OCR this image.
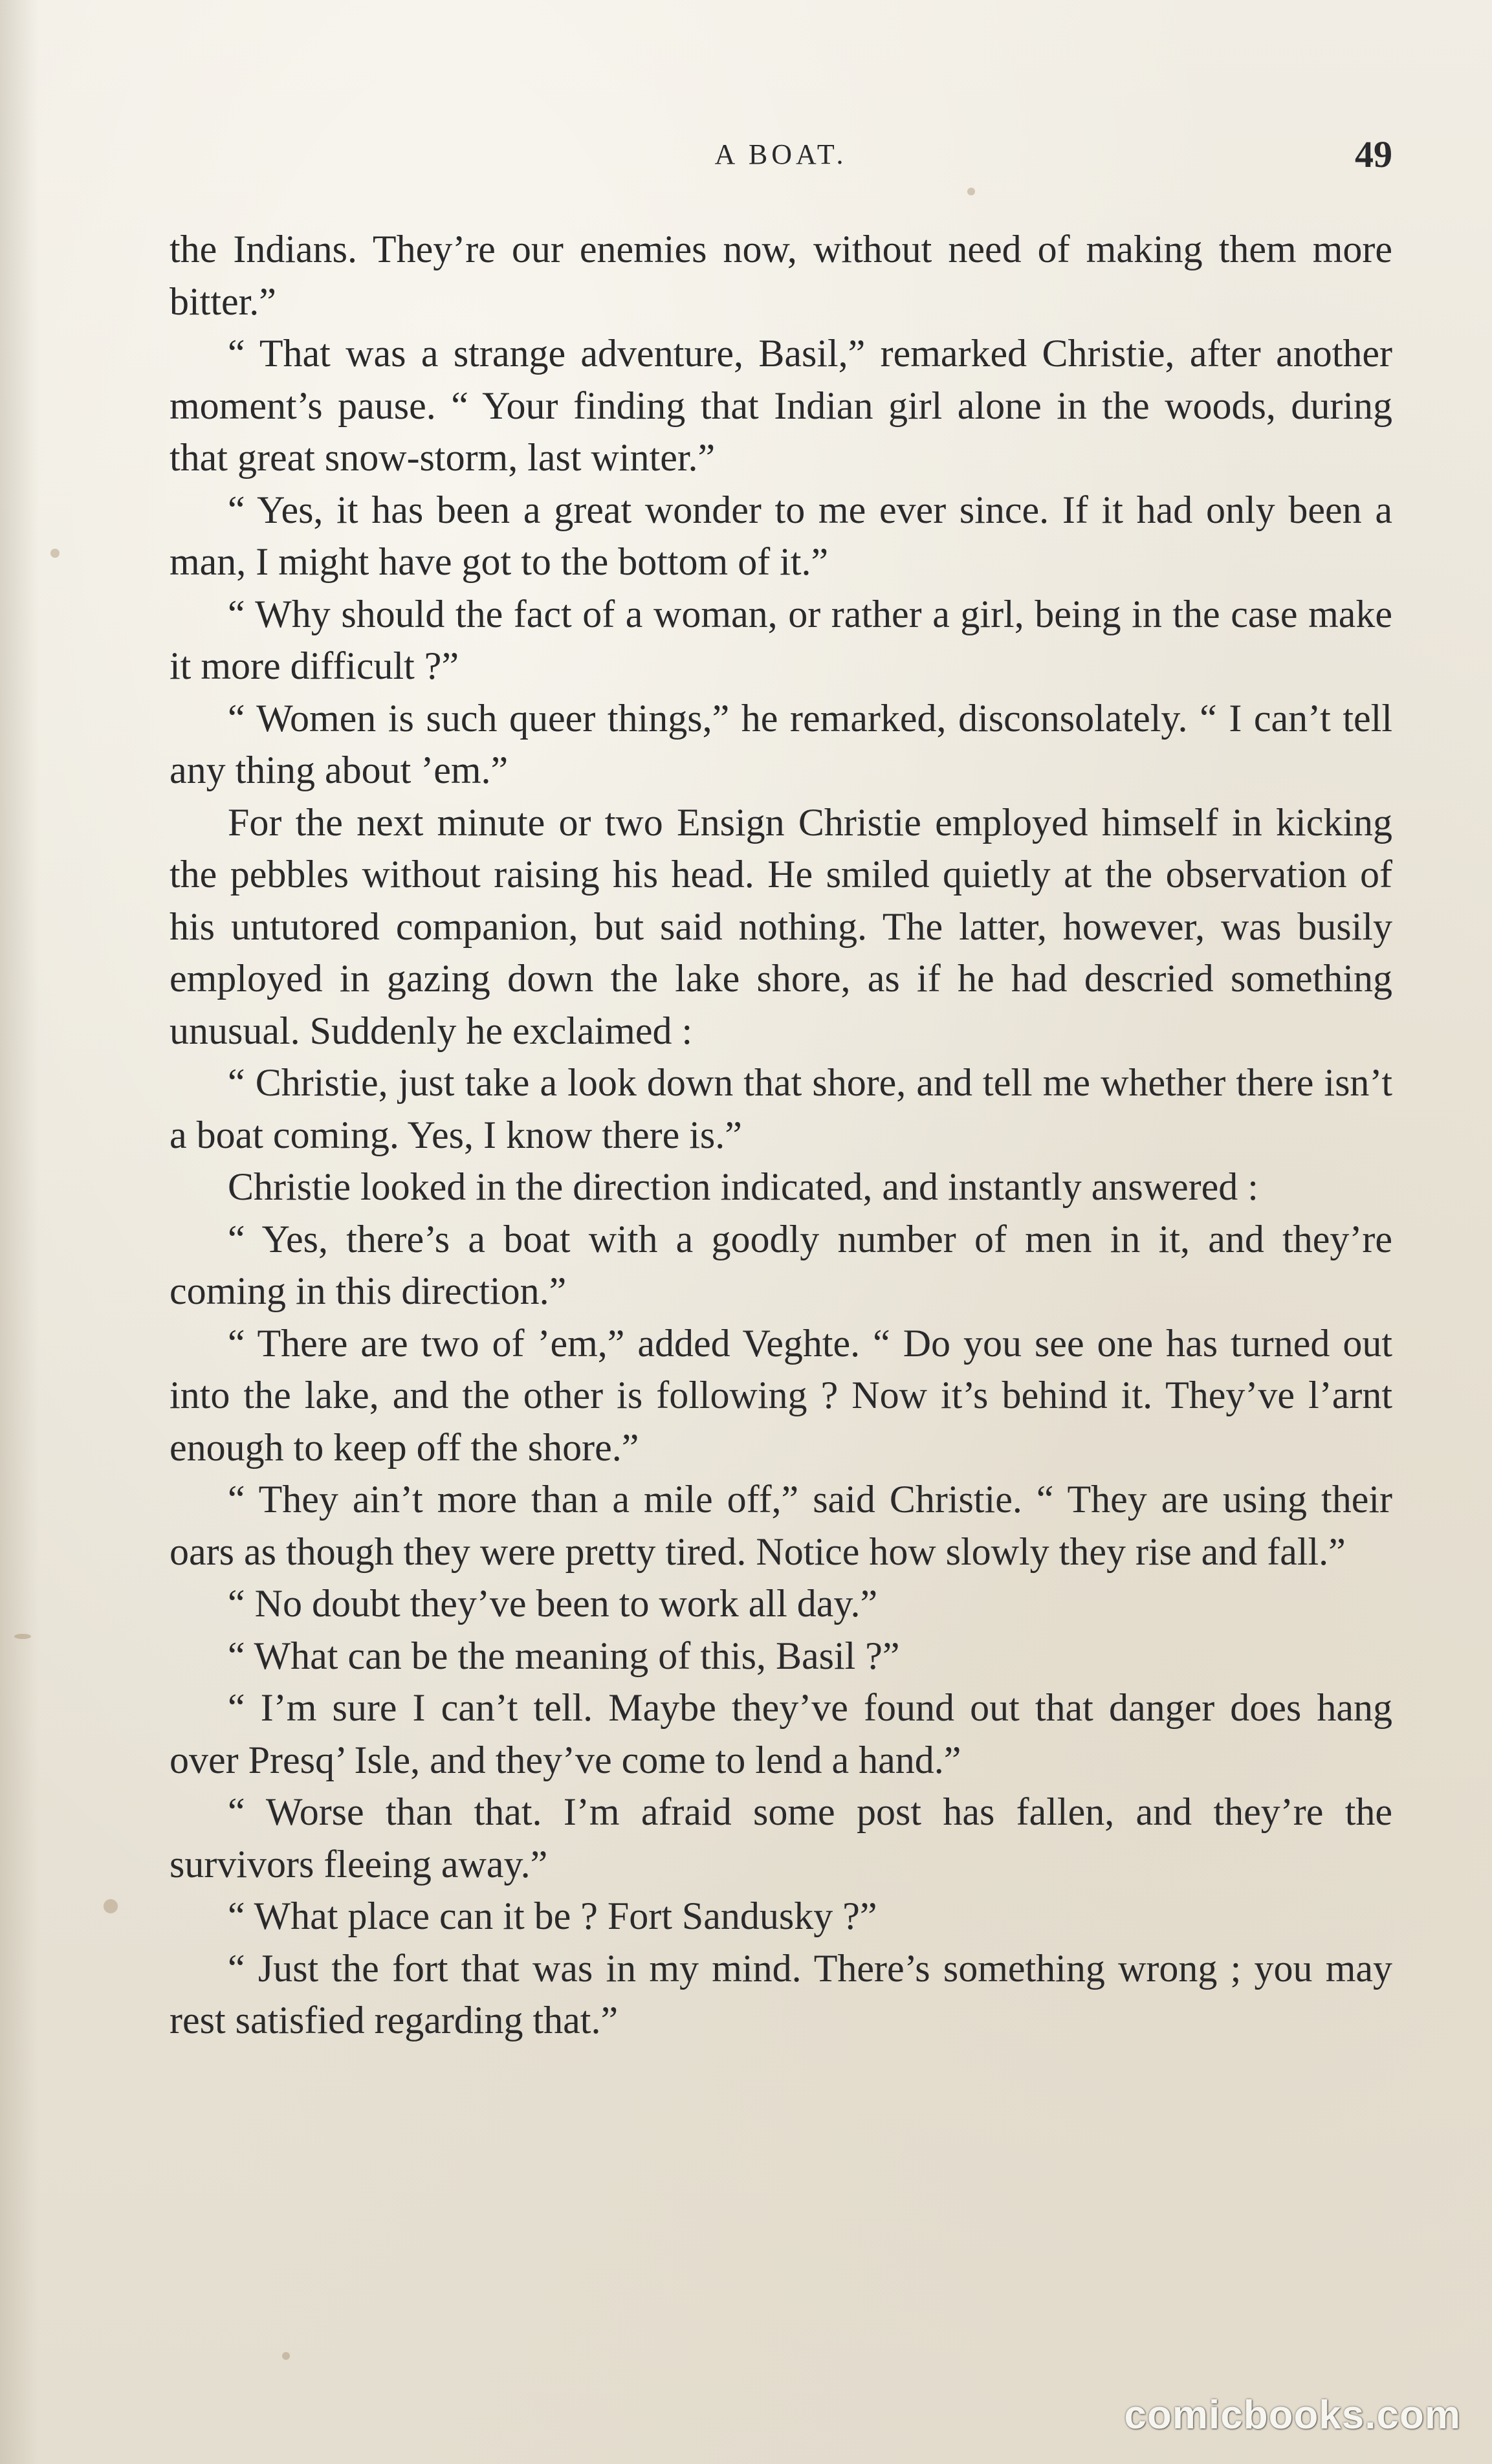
A BOAT.	49

the Indians. They’re our enemies now, without need of making them more bitter.”

“ That was a strange adventure, Basil,” remarked Christie, after another moment’s pause. “ Your finding that Indian girl alone in the woods, during that great snow-storm, last winter.”

“ Yes, it has been a great wonder to me ever since. If it had only been a man, I might have got to the bottom of it.”

“ Why should the fact of a woman, or rather a girl, being in the case make it more difficult ?”

“ Women is such queer things,” he remarked, disconsolately. “ I can’t tell any thing about ’em.”

For the next minute or two Ensign Christie employed himself in kicking the pebbles without raising his head. He smiled quietly at the observation of his untutored companion, but said nothing. The latter, however, was busily employed in gazing down the lake shore, as if he had descried something unusual. Suddenly he exclaimed :

“ Christie, just take a look down that shore, and tell me whether there isn’t a boat coming. Yes, I know there is.”

Christie looked in the direction indicated, and instantly answered :

“ Yes, there’s a boat with a goodly number of men in it, and they’re coming in this direction.”

“ There are two of ’em,” added Veghte. “ Do you see one has turned out into the lake, and the other is following ? Now it’s behind it. They’ve l’arnt enough to keep off the shore.”

“ They ain’t more than a mile off,” said Christie. “ They are using their oars as though they were pretty tired. Notice how slowly they rise and fall.”

“ No doubt they’ve been to work all day.”

“ What can be the meaning of this, Basil ?”

“ I’m sure I can’t tell. Maybe they’ve found out that danger does hang over Presq’ Isle, and they’ve come to lend a hand.”

“ Worse than that. I’m afraid some post has fallen, and they’re the survivors fleeing away.”

“ What place can it be ? Fort Sandusky ?”

“ Just the fort that was in my mind. There’s something wrong ; you may rest satisfied regarding that.”

comicbooks.com
